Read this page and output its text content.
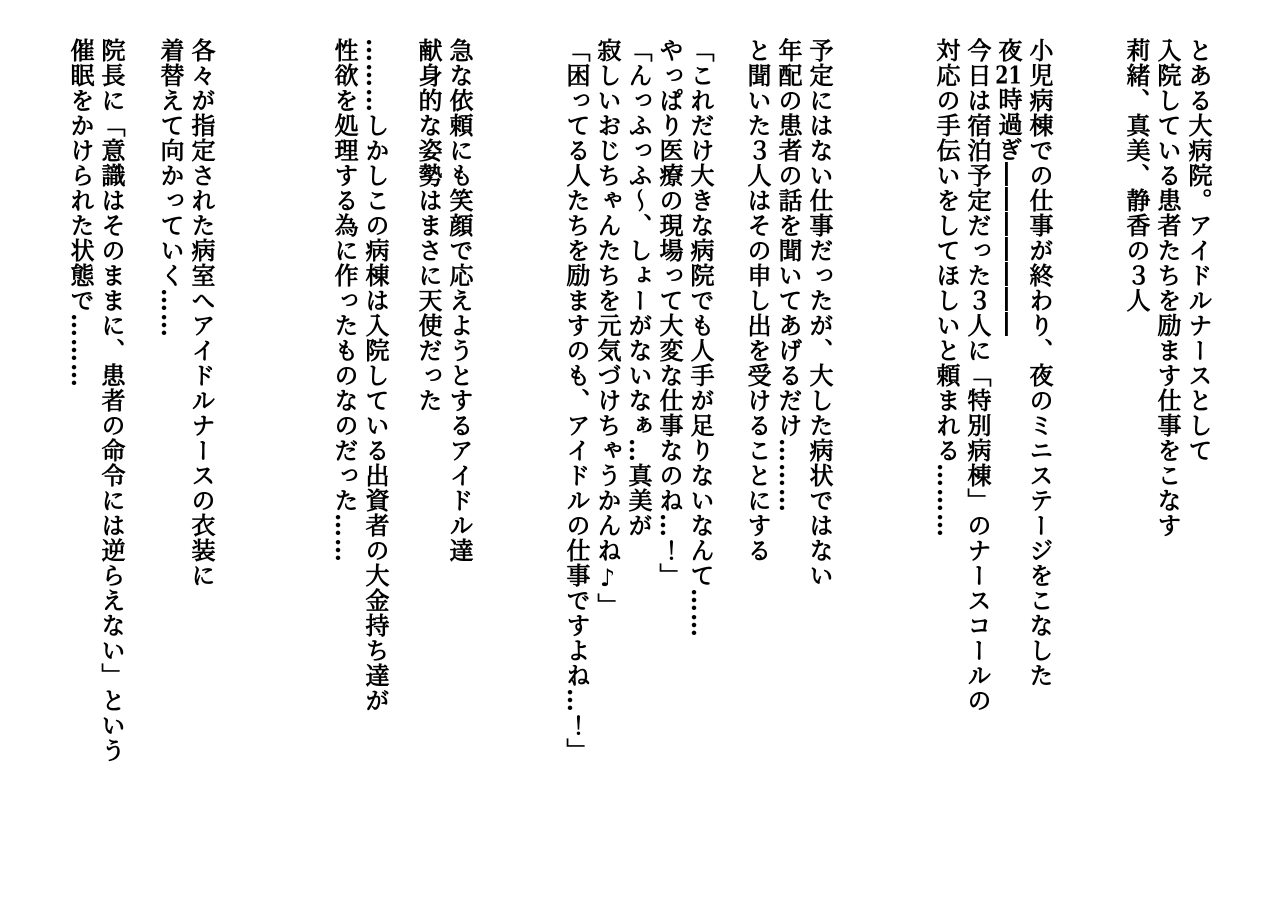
とある大病院。アイドルナースとして

入院している患者たちを励ます仕事をこなす

莉緒、真美、静香の３人

小児病棟での仕事が終わり、夜のミニステージをこなした

夜21時過ぎ―――――――

今日は宿泊予定だった３人に「特別病棟」のナースコールの

対応の手伝いをしてほしいと頼まれる………

予定にはない仕事だったが、大した病状ではない

年配の患者の話を聞いてあげるだけ………

と聞いた３人はその申し出を受けることにする

「これだけ大きな病院でも人手が足りないなんて……

やっぱり医療の現場って大変な仕事なのね…！」

「んっふっふ～、しょーがないなぁ…真美が

寂しいおじちゃんたちを元気づけちゃうかんね♪」

「困ってる人たちを励ますのも、アイドルの仕事ですよね…！」

急な依頼にも笑顔で応えようとするアイドル達

献身的な姿勢はまさに天使だった

………しかしこの病棟は入院している出資者の大金持ち達が

性欲を処理する為に作ったものなのだった……

各々が指定された病室へアイドルナースの衣装に

着替えて向かっていく……

院長に「意識はそのままに、患者の命令には逆らえない」という

催眠をかけられた状態で………
